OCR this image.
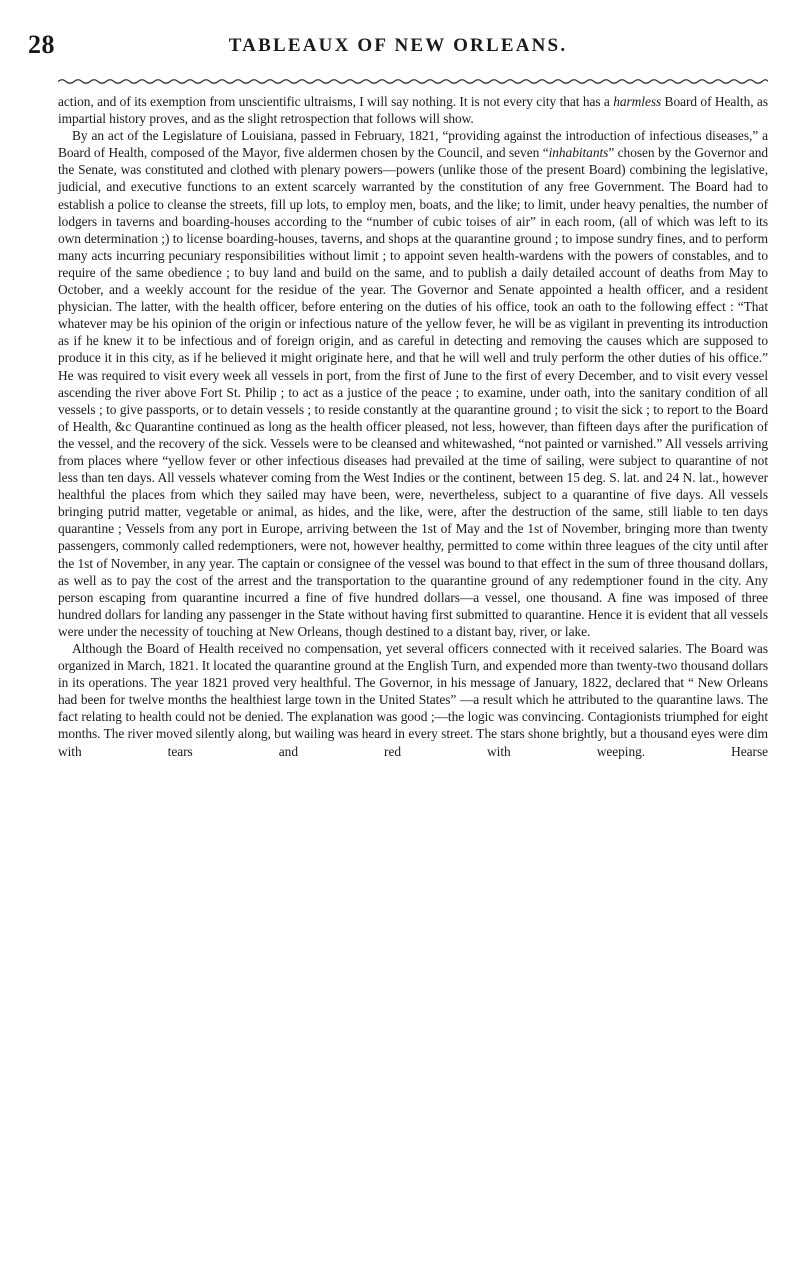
28	TABLEAUX OF NEW ORLEANS.

action, and of its exemption from unscientific ultraisms, I will say nothing. It is not every city that has a harmless Board of Health, as impartial history proves, and as the slight retrospection that follows will show.

By an act of the Legislature of Louisiana, passed in February, 1821, “providing against the introduction of infectious diseases,” a Board of Health, composed of the Mayor, five aldermen chosen by the Council, and seven “inhabitants” chosen by the Governor and the Senate, was constituted and clothed with plenary powers—powers (unlike those of the present Board) combining the legislative, judicial, and executive functions to an extent scarcely warranted by the constitution of any free Government. The Board had to establish a police to cleanse the streets, fill up lots, to employ men, boats, and the like; to limit, under heavy penalties, the number of lodgers in taverns and boarding-houses according to the “number of cubic toises of air” in each room, (all of which was left to its own determination ;) to license boarding-houses, taverns, and shops at the quarantine ground ; to impose sundry fines, and to perform many acts incurring pecuniary responsibilities without limit ; to appoint seven health-wardens with the powers of constables, and to require of the same obedience ; to buy land and build on the same, and to publish a daily detailed account of deaths from May to October, and a weekly account for the residue of the year. The Governor and Senate appointed a health officer, and a resident physician. The latter, with the health officer, before entering on the duties of his office, took an oath to the following effect : “That whatever may be his opinion of the origin or infectious nature of the yellow fever, he will be as vigilant in preventing its introduction as if he knew it to be infectious and of foreign origin, and as careful in detecting and removing the causes which are supposed to produce it in this city, as if he believed it might originate here, and that he will well and truly perform the other duties of his office.” He was required to visit every week all vessels in port, from the first of June to the first of every December, and to visit every vessel ascending the river above Fort St. Philip ; to act as a justice of the peace ; to examine, under oath, into the sanitary condition of all vessels ; to give passports, or to detain vessels ; to reside constantly at the quarantine ground ; to visit the sick ; to report to the Board of Health, &c Quarantine continued as long as the health officer pleased, not less, however, than fifteen days after the purification of the vessel, and the recovery of the sick. Vessels were to be cleansed and whitewashed, “not painted or varnished.” All vessels arriving from places where “yellow fever or other infectious diseases had prevailed at the time of sailing, were subject to quarantine of not less than ten days. All vessels whatever coming from the West Indies or the continent, between 15 deg. S. lat. and 24 N. lat., however healthful the places from which they sailed may have been, were, nevertheless, subject to a quarantine of five days. All vessels bringing putrid matter, vegetable or animal, as hides, and the like, were, after the destruction of the same, still liable to ten days quarantine ; Vessels from any port in Europe, arriving between the 1st of May and the 1st of November, bringing more than twenty passengers, commonly called redemptioners, were not, however healthy, permitted to come within three leagues of the city until after the 1st of November, in any year. The captain or consignee of the vessel was bound to that effect in the sum of three thousand dollars, as well as to pay the cost of the arrest and the transportation to the quarantine ground of any redemptioner found in the city. Any person escaping from quarantine incurred a fine of five hundred dollars—a vessel, one thousand. A fine was imposed of three hundred dollars for landing any passenger in the State without having first submitted to quarantine. Hence it is evident that all vessels were under the necessity of touching at New Orleans, though destined to a distant bay, river, or lake.

Although the Board of Health received no compensation, yet several officers connected with it received salaries. The Board was organized in March, 1821. It located the quarantine ground at the English Turn, and expended more than twenty-two thousand dollars in its operations. The year 1821 proved very healthful. The Governor, in his message of January, 1822, declared that “ New Orleans had been for twelve months the healthiest large town in the United States” —a result which he attributed to the quarantine laws. The fact relating to health could not be denied. The explanation was good ;—the logic was convincing. Contagionists triumphed for eight months. The river moved silently along, but wailing was heard in every street. The stars shone brightly, but a thousand eyes were dim with tears and red with weeping. Hearse
